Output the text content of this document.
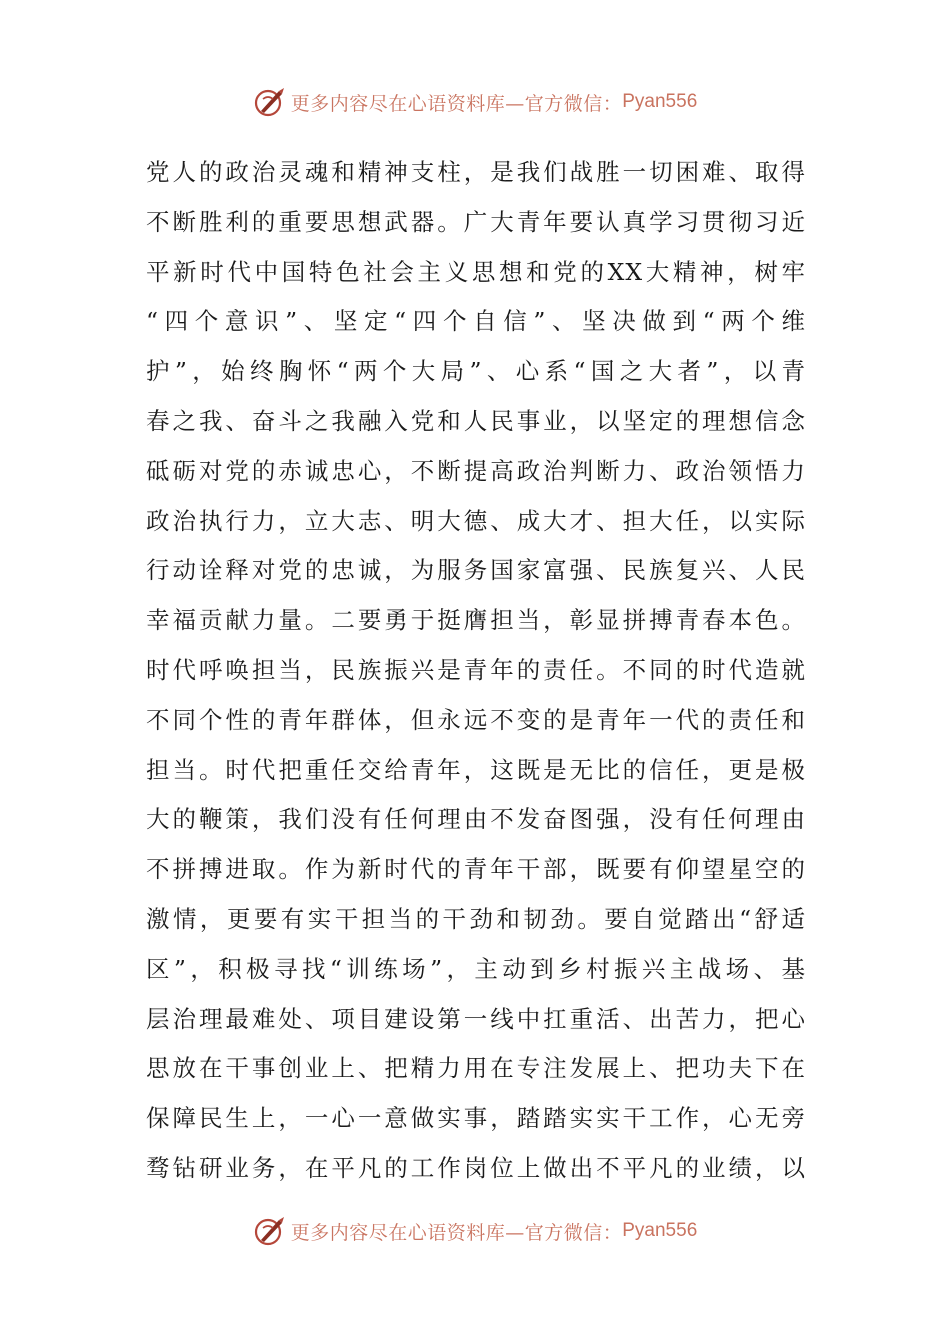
更多内容尽在心语资料库—官方微信： Pyan556
党人的政治灵魂和精神支柱，是我们战胜一切困难、取得
不断胜利的重要思想武器。广大青年要认真学习贯彻习近
平新时代中国特色社会主义思想和党的XX大精神，树牢
“四个意识”、坚定“四个自信”、坚决做到“两个维
护”，始终胸怀“两个大局”、心系“国之大者”，以青
春之我、奋斗之我融入党和人民事业，以坚定的理想信念
砥砺对党的赤诚忠心，不断提高政治判断力、政治领悟力
政治执行力，立大志、明大德、成大才、担大任，以实际
行动诠释对党的忠诚，为服务国家富强、民族复兴、人民
幸福贡献力量。二要勇于挺膺担当，彰显拼搏青春本色。
时代呼唤担当，民族振兴是青年的责任。不同的时代造就
不同个性的青年群体，但永远不变的是青年一代的责任和
担当。时代把重任交给青年，这既是无比的信任，更是极
大的鞭策，我们没有任何理由不发奋图强，没有任何理由
不拼搏进取。作为新时代的青年干部，既要有仰望星空的
激情，更要有实干担当的干劲和韧劲。要自觉踏出“舒适
区”，积极寻找“训练场”，主动到乡村振兴主战场、基
层治理最难处、项目建设第一线中扛重活、出苦力，把心
思放在干事创业上、把精力用在专注发展上、把功夫下在
保障民生上，一心一意做实事，踏踏实实干工作，心无旁
骛钻研业务，在平凡的工作岗位上做出不平凡的业绩，以
更多内容尽在心语资料库—官方微信： Pyan556
